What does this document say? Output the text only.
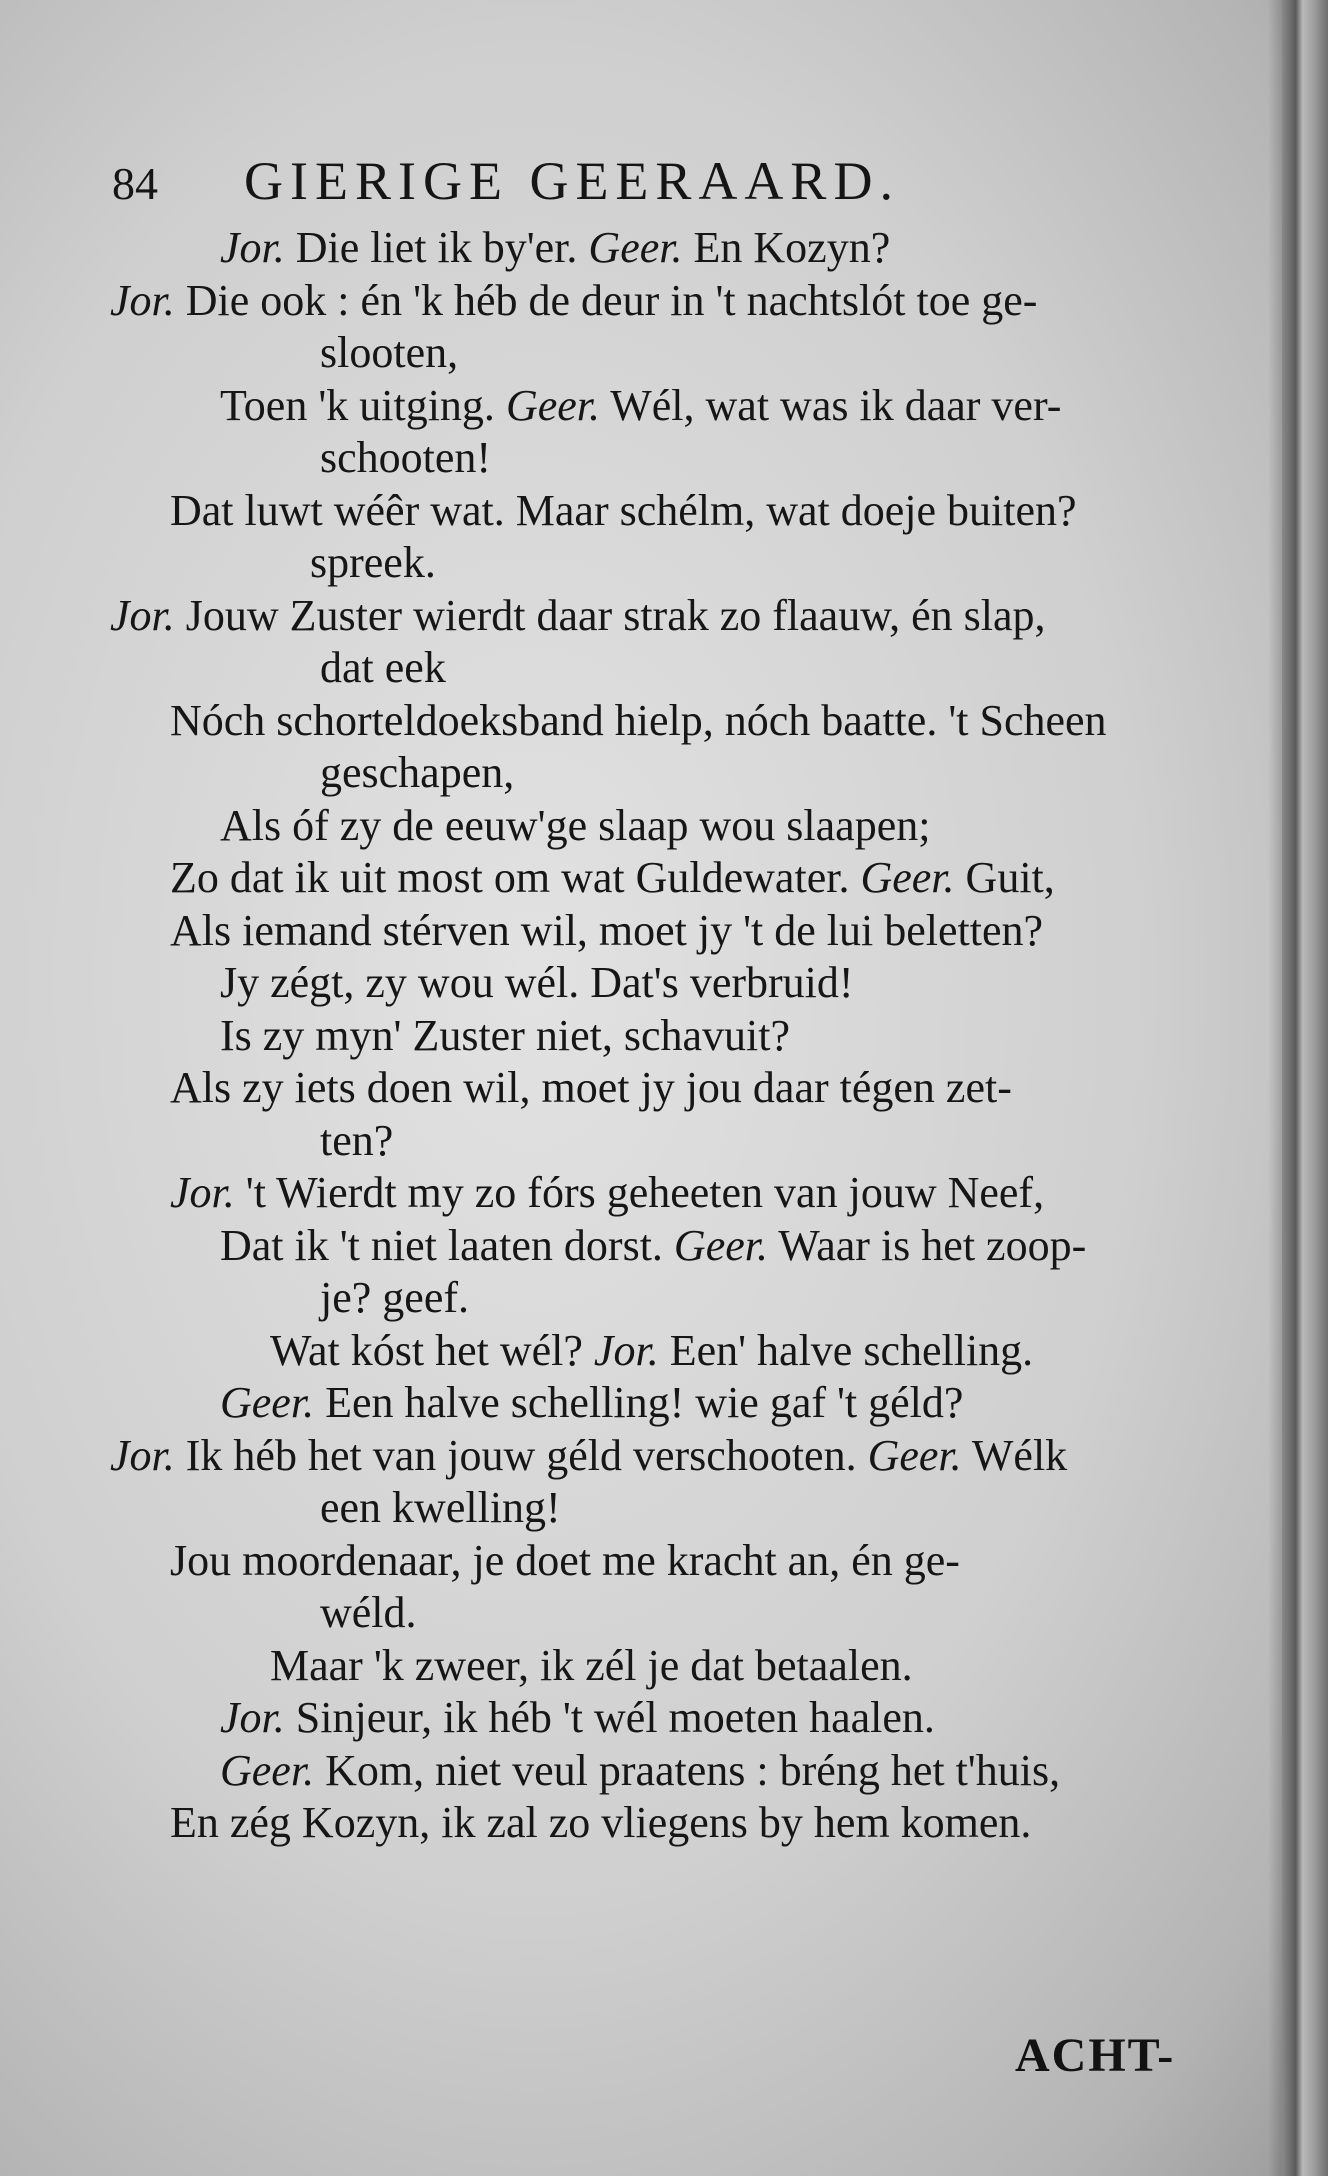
84	GIERIGE GEERAARD.
Jor. Die liet ik by'er. Geer. En Kozyn?
Jor. Die ook : én 'k héb de deur in 't nachtslót toe ge-
slooten,
Toen 'k uitging. Geer. Wél, wat was ik daar ver-
schooten!
Dat luwt wéêr wat. Maar schélm, wat doeje buiten?
spreek.
Jor. Jouw Zuster wierdt daar strak zo flaauw, én slap,
dat eek
Nóch schorteldoeksband hielp, nóch baatte. 't Scheen
geschapen,
Als óf zy de eeuw'ge slaap wou slaapen;
Zo dat ik uit most om wat Guldewater. Geer. Guit,
Als iemand stérven wil, moet jy 't de lui beletten?
Jy zégt, zy wou wél. Dat's verbruid!
Is zy myn' Zuster niet, schavuit?
Als zy iets doen wil, moet jy jou daar tégen zet-
ten?
Jor. 't Wierdt my zo fórs geheeten van jouw Neef,
Dat ik 't niet laaten dorst. Geer. Waar is het zoop-
je? geef.
Wat kóst het wél? Jor. Een' halve schelling.
Geer. Een halve schelling! wie gaf 't géld?
Jor. Ik héb het van jouw géld verschooten. Geer. Wélk
een kwelling!
Jou moordenaar, je doet me kracht an, én ge-
wéld.
Maar 'k zweer, ik zél je dat betaalen.
Jor. Sinjeur, ik héb 't wél moeten haalen.
Geer. Kom, niet veul praatens : bréng het t'huis,
En zég Kozyn, ik zal zo vliegens by hem komen.
ACHT-
